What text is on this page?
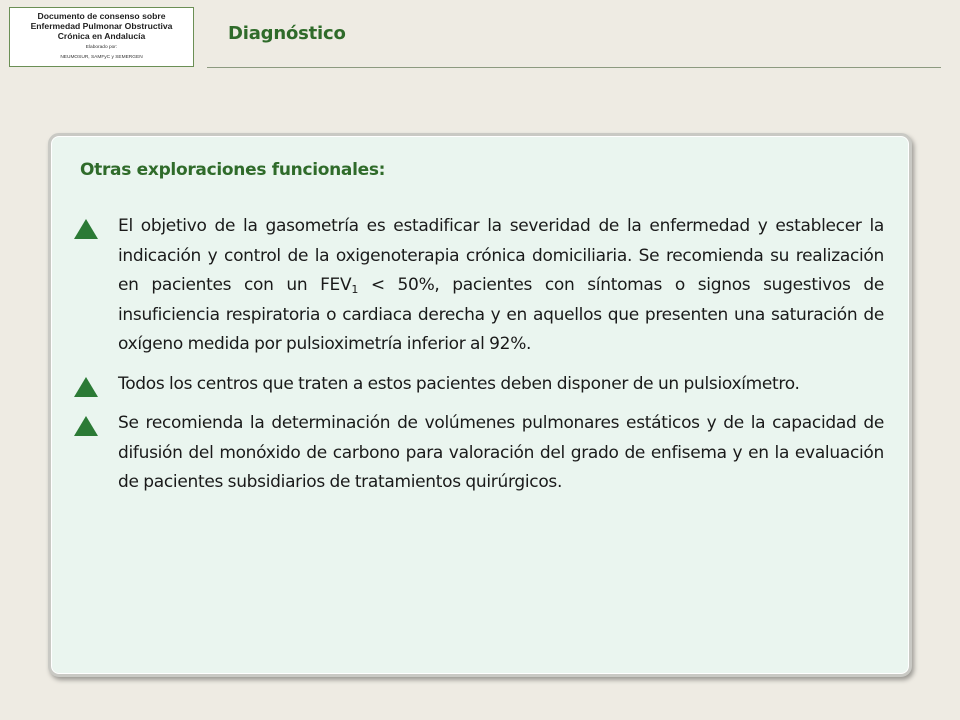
Documento de consenso sobre
Enfermedad Pulmonar Obstructiva
Crónica en Andalucía
Elaborado por:
NEUMOSUR, SAMFyC y SEMERGEN
Diagnóstico
Otras exploraciones funcionales:
El objetivo de la gasometría es estadificar la severidad de la enfermedad y establecer la indicación y control de la oxigenoterapia crónica domiciliaria. Se recomienda su realización en pacientes con un $FEV_1 < 50\%$, pacientes con síntomas o signos sugestivos de insuficiencia respiratoria o cardiaca derecha y en aquellos que presenten una saturación de oxígeno medida por pulsioximetría inferior al 92%.
Todos los centros que traten a estos pacientes deben disponer de un pulsioxímetro.
Se recomienda la determinación de volúmenes pulmonares estáticos y de la capacidad de difusión del monóxido de carbono para valoración del grado de enfisema y en la evaluación de pacientes subsidiarios de tratamientos quirúrgicos.
